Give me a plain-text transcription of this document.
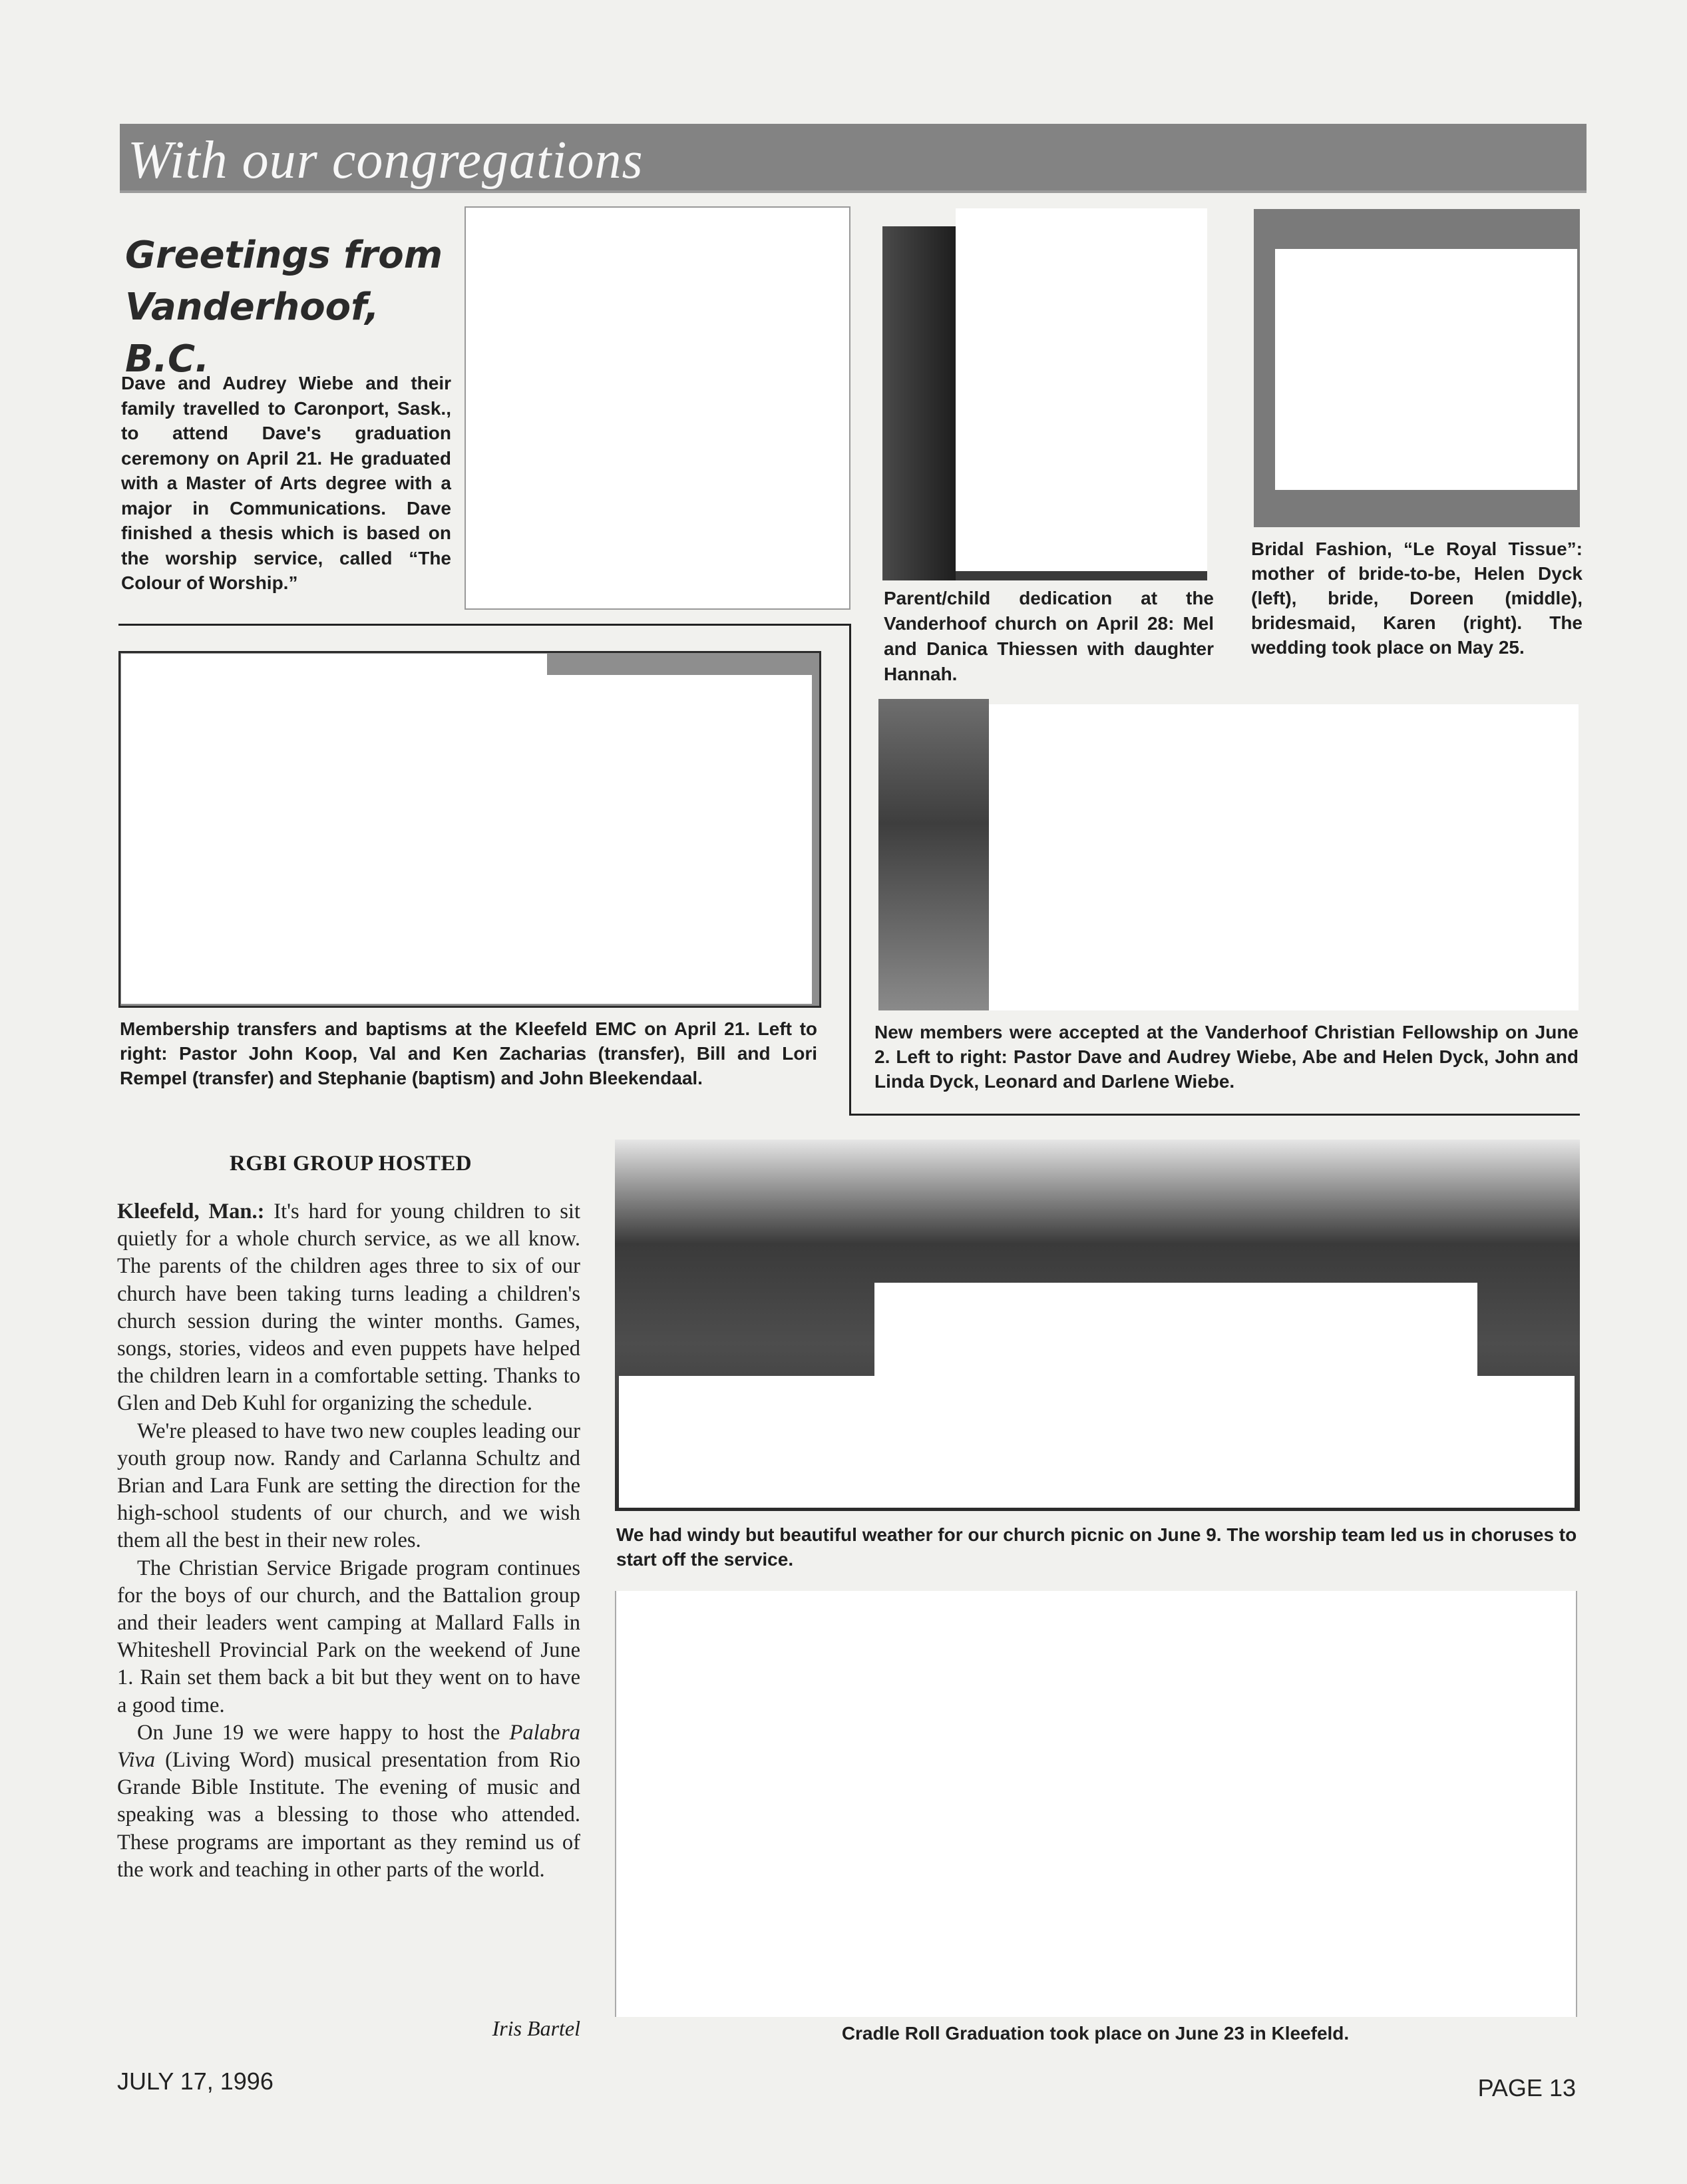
With our congregations
Greetings from
Vanderhoof, B.C.
Dave and Audrey Wiebe and their family travelled to Caronport, Sask., to attend Dave's graduation ceremony on April 21. He graduated with a Master of Arts degree with a major in Communications. Dave finished a thesis which is based on the worship service, called “The Colour of Worship.”
Parent/child dedication at the Vanderhoof church on April 28: Mel and Danica Thiessen with daughter Hannah.
Bridal Fashion, “Le Royal Tissue”: mother of bride-to-be, Helen Dyck (left), bride, Doreen (middle), bridesmaid, Karen (right). The wedding took place on May 25.
Membership transfers and baptisms at the Kleefeld EMC on April 21. Left to right: Pastor John Koop, Val and Ken Zacharias (transfer), Bill and Lori Rempel (transfer) and Stephanie (baptism) and John Bleekendaal.
New members were accepted at the Vanderhoof Christian Fellowship on June 2. Left to right: Pastor Dave and Audrey Wiebe, Abe and Helen Dyck, John and Linda Dyck, Leonard and Darlene Wiebe.
RGBI GROUP HOSTED

Kleefeld, Man.: It's hard for young children to sit quietly for a whole church service, as we all know. The parents of the children ages three to six of our church have been taking turns leading a children's church session during the winter months. Games, songs, stories, videos and even puppets have helped the children learn in a comfortable setting. Thanks to Glen and Deb Kuhl for organizing the schedule.

We're pleased to have two new couples leading our youth group now. Randy and Carlanna Schultz and Brian and Lara Funk are setting the direction for the high-school students of our church, and we wish them all the best in their new roles.

The Christian Service Brigade program continues for the boys of our church, and the Battalion group and their leaders went camping at Mallard Falls in Whiteshell Provincial Park on the weekend of June 1. Rain set them back a bit but they went on to have a good time.

On June 19 we were happy to host the Palabra Viva (Living Word) musical presentation from Rio Grande Bible Institute. The evening of music and speaking was a blessing to those who attended. These programs are important as they remind us of the work and teaching in other parts of the world.

Iris Bartel
We had windy but beautiful weather for our church picnic on June 9. The worship team led us in choruses to start off the service.
Cradle Roll Graduation took place on June 23 in Kleefeld.
JULY 17, 1996	PAGE 13
